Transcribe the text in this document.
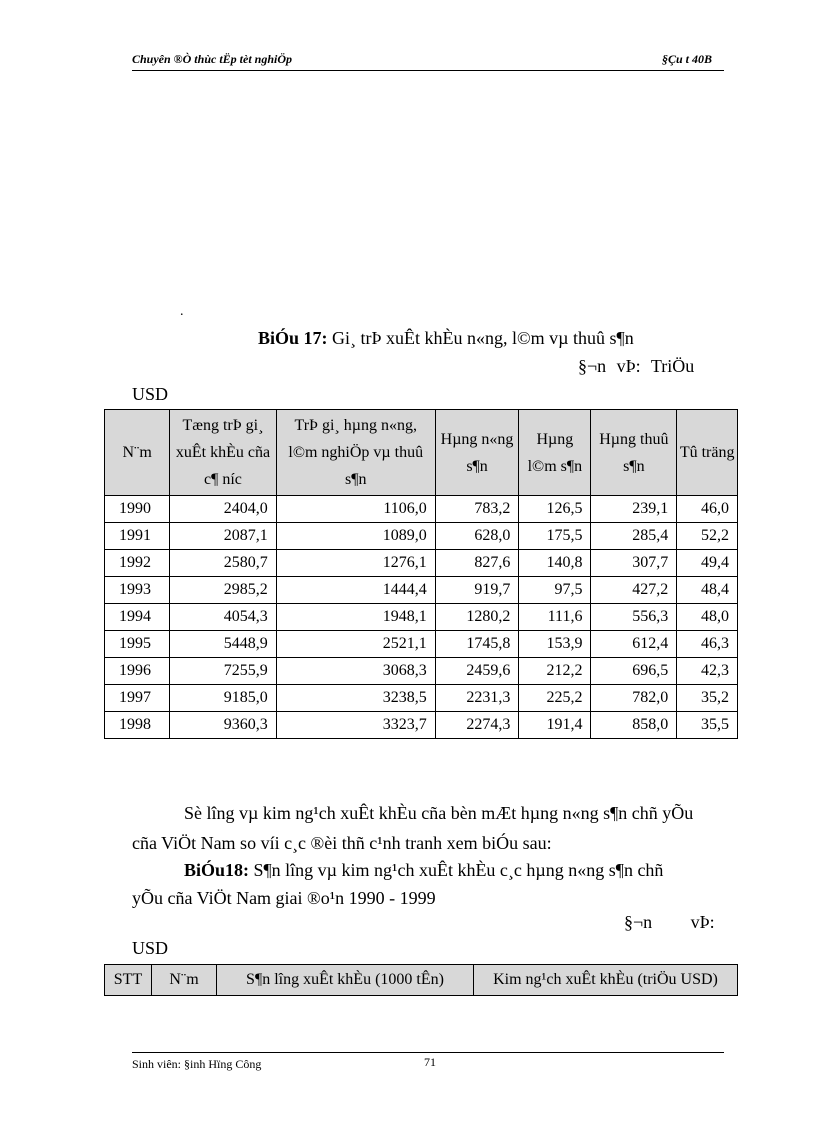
Chuyên ®Ò thùc tËp tèt nghiÖp	§Çu t 40B
.
BiÓu 17: Gi¸ trÞ xuÊt khÈu n«ng, l©m vµ thuû s¶n
§¬n vÞ: TriÖu
USD
N¨m	Tæng trÞ gi¸ xuÊt khÈu cña c¶ níc	TrÞ gi¸ hµng n«ng, l©m nghiÖp vµ thuû s¶n	Hµng n«ng s¶n	Hµng l©m s¶n	Hµng thuû s¶n	Tû träng
1990	2404,0	1106,0	783,2	126,5	239,1	46,0
1991	2087,1	1089,0	628,0	175,5	285,4	52,2
1992	2580,7	1276,1	827,6	140,8	307,7	49,4
1993	2985,2	1444,4	919,7	97,5	427,2	48,4
1994	4054,3	1948,1	1280,2	111,6	556,3	48,0
1995	5448,9	2521,1	1745,8	153,9	612,4	46,3
1996	7255,9	3068,3	2459,6	212,2	696,5	42,3
1997	9185,0	3238,5	2231,3	225,2	782,0	35,2
1998	9360,3	3323,7	2274,3	191,4	858,0	35,5
Sè lîng vµ kim ng¹ch xuÊt khÈu cña bèn mÆt hµng n«ng s¶n chñ yÕu
cña ViÖt Nam so víi c¸c ®èi thñ c¹nh tranh xem biÓu sau:
BiÓu18: S¶n lîng vµ kim ng¹ch xuÊt khÈu c¸c hµng n«ng s¶n chñ
yÕu cña ViÖt Nam giai ®o¹n 1990 - 1999
§¬n vÞ:
USD
STT	N¨m	S¶n lîng xuÊt khÈu (1000 tÊn)	Kim ng¹ch xuÊt khÈu (triÖu USD)
Sinh viên: §inh Hïng Công	71
